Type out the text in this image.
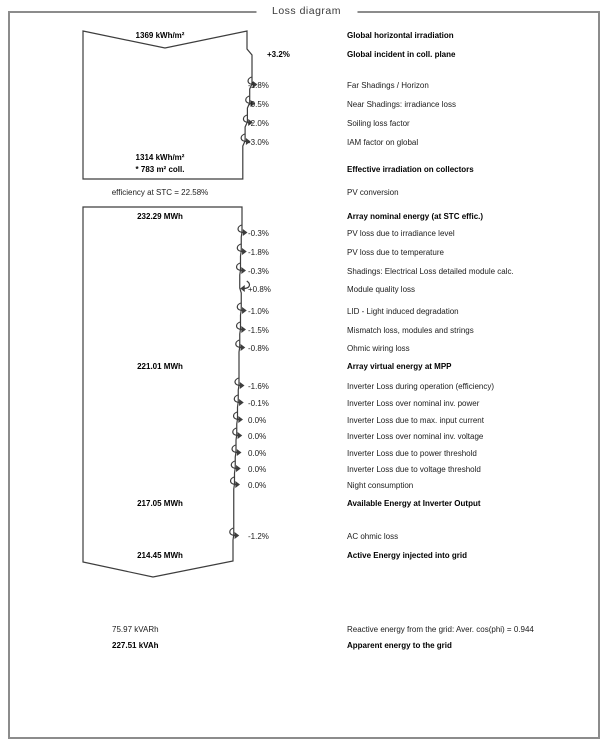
Loss diagram
1369 kWh/m²	Global horizontal irradiation
+3.2%	Global incident in coll. plane
-1.8%	Far Shadings / Horizon
-0.5%	Near Shadings: irradiance loss
-2.0%	Soiling loss factor
-3.0%	IAM factor on global
1314 kWh/m²
* 783 m² coll.	Effective irradiation on collectors
efficiency at STC = 22.58%	PV conversion
232.29 MWh	Array nominal energy (at STC effic.)
-0.3%	PV loss due to irradiance level
-1.8%	PV loss due to temperature
-0.3%	Shadings: Electrical Loss detailed module calc.
+0.8%	Module quality loss
-1.0%	LID - Light induced degradation
-1.5%	Mismatch loss, modules and strings
-0.8%	Ohmic wiring loss
221.01 MWh	Array virtual energy at MPP
-1.6%	Inverter Loss during operation (efficiency)
-0.1%	Inverter Loss over nominal inv. power
0.0%	Inverter Loss due to max. input current
0.0%	Inverter Loss over nominal inv. voltage
0.0%	Inverter Loss due to power threshold
0.0%	Inverter Loss due to voltage threshold
0.0%	Night consumption
217.05 MWh	Available Energy at Inverter Output
-1.2%	AC ohmic loss
214.45 MWh	Active Energy injected into grid
75.97 kVARh	Reactive energy from the grid: Aver. cos(phi) = 0.944
227.51 kVAh	Apparent energy to the grid
